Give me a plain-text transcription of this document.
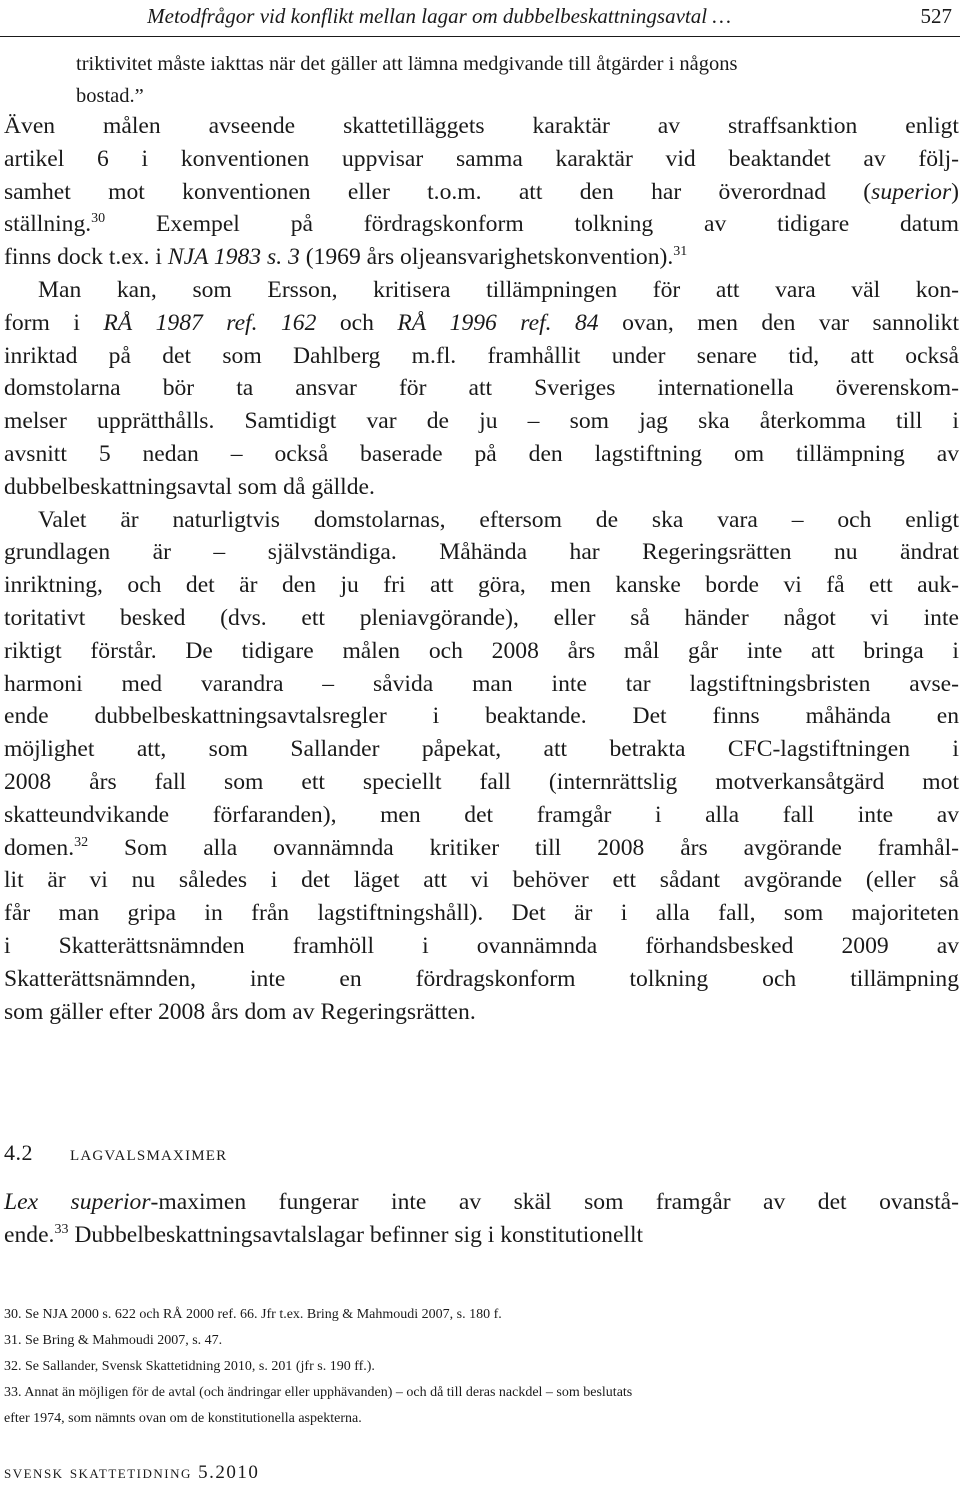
Metodfrågor vid konflikt mellan lagar om dubbelbeskattningsavtal …	527
triktivitet måste iakttas när det gäller att lämna medgivande till åtgärder i någons
bostad.”

Även målen avseende skattetilläggets karaktär av straffsanktion enligt
artikel 6 i konventionen uppvisar samma karaktär vid beaktandet av följ-
samhet mot konventionen eller t.o.m. att den har överordnad (superior)
ställning.$^{30}$ Exempel på fördragskonform tolkning av tidigare datum
finns dock t.ex. i NJA 1983 s. 3 (1969 års oljeansvarighetskonvention).$^{31}$

Man kan, som Ersson, kritisera tillämpningen för att vara väl kon-

form i RÅ 1987 ref. 162 och RÅ 1996 ref. 84 ovan, men den var sannolikt
inriktad på det som Dahlberg m.fl. framhållit under senare tid, att också
domstolarna bör ta ansvar för att Sveriges internationella överenskom-
melser upprätthålls. Samtidigt var de ju – som jag ska återkomma till i
avsnitt 5 nedan – också baserade på den lagstiftning om tillämpning av
dubbelbeskattningsavtal som då gällde.

Valet är naturligtvis domstolarnas, eftersom de ska vara – och enligt

grundlagen är – självständiga. Måhända har Regeringsrätten nu ändrat
inriktning, och det är den ju fri att göra, men kanske borde vi få ett auk-
toritativt besked (dvs. ett pleniavgörande), eller så händer något vi inte
riktigt förstår. De tidigare målen och 2008 års mål går inte att bringa i
harmoni med varandra – såvida man inte tar lagstiftningsbristen avse-
ende dubbelbeskattningsavtalsregler i beaktande. Det finns måhända en
möjlighet att, som Sallander påpekat, att betrakta CFC-lagstiftningen i
2008 års fall som ett speciellt fall (internrättslig motverkansåtgärd mot
skatteundvikande förfaranden), men det framgår i alla fall inte av
domen.$^{32}$ Som alla ovannämnda kritiker till 2008 års avgörande framhål-
lit är vi nu således i det läget att vi behöver ett sådant avgörande (eller så
får man gripa in från lagstiftningshåll). Det är i alla fall, som majoriteten
i Skatterättsnämnden framhöll i ovannämnda förhandsbesked 2009 av
Skatterättsnämnden, inte en fördragskonform tolkning och tillämpning
som gäller efter 2008 års dom av Regeringsrätten.

4.2 lagvalsmaximer
Lex superior-maximen fungerar inte av skäl som framgår av det ovanstå-
ende.$^{33}$ Dubbelbeskattningsavtalslagar befinner sig i konstitutionellt

30. Se NJA 2000 s. 622 och RÅ 2000 ref. 66. Jfr t.ex. Bring & Mahmoudi 2007, s. 180 f.

31. Se Bring & Mahmoudi 2007, s. 47.

32. Se Sallander, Svensk Skattetidning 2010, s. 201 (jfr s. 190 ff.).

33. Annat än möjligen för de avtal (och ändringar eller upphävanden) – och då till deras nackdel – som beslutats

efter 1974, som nämnts ovan om de konstitutionella aspekterna.

svensk skattetidning 5.2010
